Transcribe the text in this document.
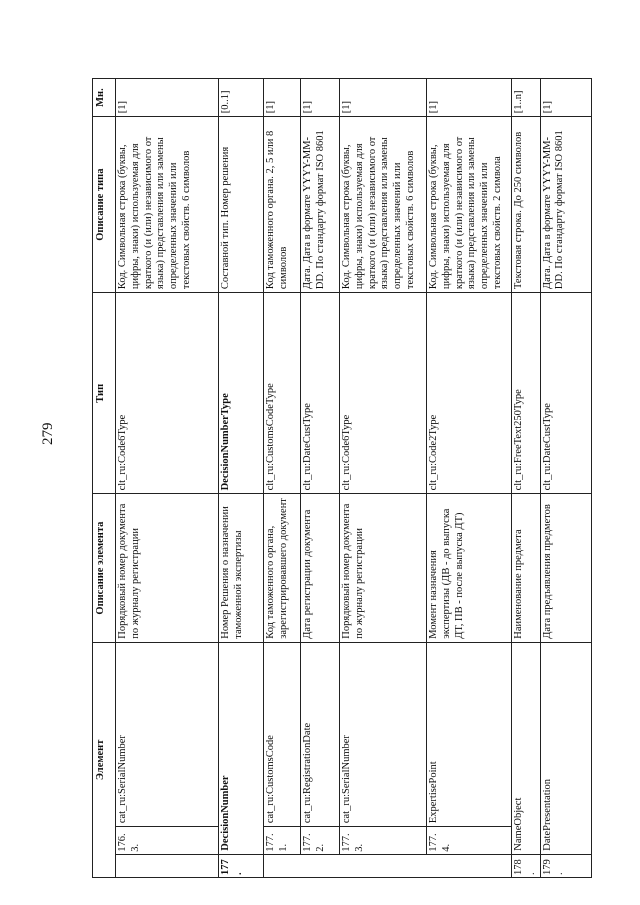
279
Элемент			Описание элемента	Тип	Описание типа	Мн.
	176.3.	cat_ru:SerialNumber	Порядковый номер документа по журналу регистрации	clt_ru:Code6Type	Код. Символьная строка (буквы, цифры, знаки) используемая для краткого (и (или) независимого от языка) представления или замены определенных значений или текстовых свойств. 6 символов	[1]
177.	DecisionNumber		Номер Решения о назначении таможенной экспертизы	DecisionNumberType	Составной тип. Номер решения	[0..1]
	177.1.	cat_ru:CustomsCode	Код таможенного органа, зарегистрировавшего документ	clt_ru:CustomsCodeType	Код таможенного органа. 2, 5 или 8 символов	[1]
	177.2.	cat_ru:RegistrationDate	Дата регистрации документа	clt_ru:DateCustType	Дата. Дата в формате YYYY-MM-DD. По стандарту формат ISO 8601	[1]
	177.3.	cat_ru:SerialNumber	Порядковый номер документа по журналу регистрации	clt_ru:Code6Type	Код. Символьная строка (буквы, цифры, знаки) используемая для краткого (и (или) независимого от языка) представления или замены определенных значений или текстовых свойств. 6 символов	[1]
	177.4.	ExpertisePoint	Момент назначения экспертизы (ДВ - до выпуска ДТ, ПВ - после выпуска ДТ)	clt_ru:Code2Type	Код. Символьная строка (буквы, цифры, знаки) используемая для краткого (и (или) независимого от языка) представления или замены определенных значений или текстовых свойств. 2 символа	[1]
178.	NameObject		Наименование предмета	clt_ru:FreeText250Type	Текстовая строка. До 250 символов	[1..n]
179.	DatePresentation		Дата предъявления предметов	clt_ru:DateCustType	Дата. Дата в формате YYYY-MM-DD. По стандарту формат ISO 8601	[1]
